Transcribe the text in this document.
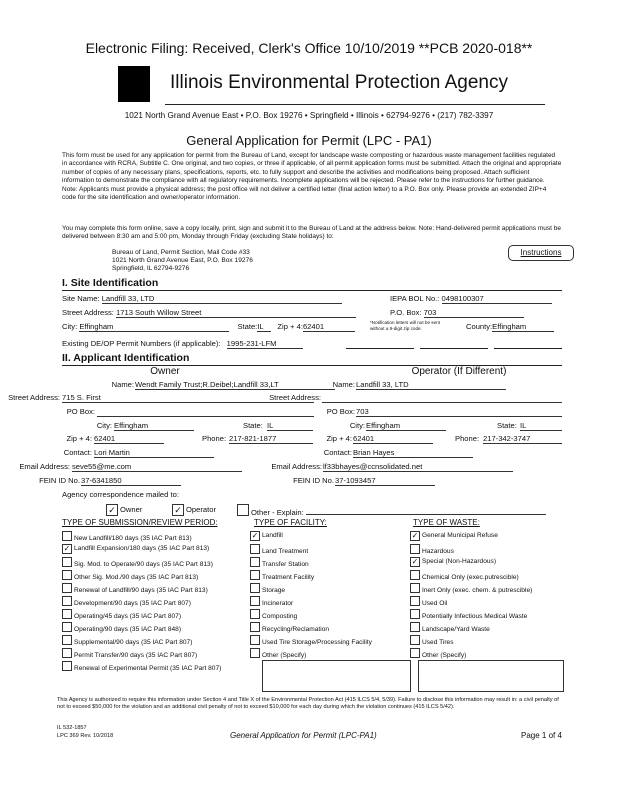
Electronic Filing: Received, Clerk's Office 10/10/2019 **PCB 2020-018**
Illinois Environmental Protection Agency
1021 North Grand Avenue East • P.O. Box 19276 • Springfield • Illinois • 62794-9276 • (217) 782-3397
General Application for Permit (LPC - PA1)
This form must be used for any application for permit from the Bureau of Land, except for landscape waste composting or hazardous waste management facilities regulated in accordance with RCRA, Subtitle C. One original, and two copies, or three if applicable, of all permit application forms must be submitted. Attach the original and appropriate number of copies of any necessary plans, specifications, reports, etc. to fully support and describe the activities and modifications being proposed. Attach sufficient information to demonstrate the compliance with all regulatory requirements. Incomplete applications will be rejected. Please refer to the instructions for further guidance. Note: Applicants must provide a physical address; the post office will not deliver a certified letter (final action letter) to a P.O. Box only. Please provide an extended ZIP+4 code for the site identification and owner/operator information.
You may complete this form online, save a copy locally, print, sign and submit it to the Bureau of Land at the address below. Note: Hand-delivered permit applications must be delivered between 8:30 am and 5:00 pm, Monday through Friday (excluding State holidays) to:
Bureau of Land, Permit Section, Mail Code #33
1021 North Grand Avenue East, P.O. Box 19276
Springfield, IL 62794-9276
Instructions
I. Site Identification
Site Name: Landfill 33, LTD	IEPA BOL No.: 0498100307
Street Address: 1713 South Willow Street	P.O. Box: 703
City: Effingham	State:IL Zip + 4:62401	*Notification letters will not be sent without a 9-digit zip code.	County:Effingham
Existing DE/OP Permit Numbers (if applicable): 1995-231-LFM
II. Applicant Identification
Owner	Operator (If Different)
Name: Wendt Family Trust;R.Deibel;Landfill 33,LT
Street Address: 715 S. First
PO Box:
City: Effingham	State: IL
Zip + 4: 62401	Phone: 217-821-1877
Contact: Lori Martin
Email Address: seve55@me.com
FEIN ID No. 37-6341850
Name: Landfill 33, LTD
Street Address:
PO Box: 703
City: Effingham	State: IL
Zip + 4: 62401	Phone: 217-342-3747
Contact: Brian Hayes
Email Address: lf33bhayes@ccnsolidated.net
FEIN ID No. 37-1093457
Agency correspondence mailed to:
✓ Owner	✓ Operator	Other - Explain:
TYPE OF SUBMISSION/REVIEW PERIOD:	TYPE OF FACILITY:	TYPE OF WASTE:
New Landfill/180 days (35 IAC Part 813)
✓ Landfill Expansion/180 days (35 IAC Part 813)
Sig. Mod. to Operate/90 days (35 IAC Part 813)
Other Sig. Mod./90 days (35 IAC Part 813)
Renewal of Landfill/90 days (35 IAC Part 813)
Development/90 days (35 IAC Part 807)
Operating/45 days (35 IAC Part 807)
Operating/90 days (35 IAC Part 848)
Supplemental/90 days (35 IAC Part 807)
Permit Transfer/90 days (35 IAC Part 807)
Renewal of Experimental Permit (35 IAC Part 807)
✓ Landfill
Land Treatment
Transfer Station
Treatment Facility
Storage
Incinerator
Composting
Recycling/Reclamation
Used Tire Storage/Processing Facility
Other (Specify)
✓ General Municipal Refuse
Hazardous
✓ Special (Non-Hazardous)
Chemical Only (exec.putrescible)
Inert Only (exec. chem. & putrescible)
Used Oil
Potentially Infectious Medical Waste
Landscape/Yard Waste
Used Tires
Other (Specify)
This Agency is authorized to require this information under Section 4 and Title X of the Environmental Protection Act (415 ILCS 5/4, 5/39). Failure to disclose this information may result in: a civil penalty of not to exceed $50,000 for the violation and an additional civil penalty of not to exceed $10,000 for each day during which the violation continues (415 ILCS 5/42).
IL 532-1857
LPC 369 Rev. 10/2018	General Application for Permit (LPC-PA1)	Page 1 of 4
